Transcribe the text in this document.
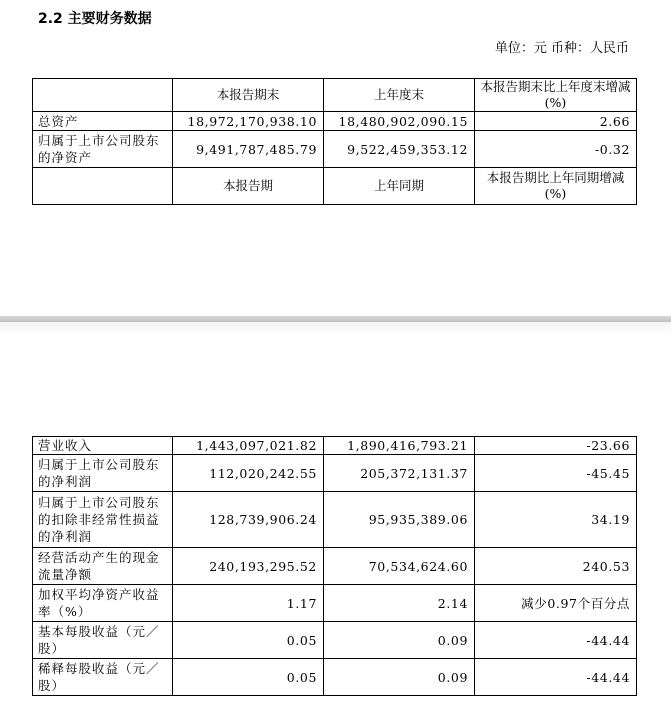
2.2 主要财务数据
单位：元 币种：人民币
	本报告期末	上年度末	本报告期末比上年度末增减(%)
总资产	18,972,170,938.10	18,480,902,090.15	2.66
归属于上市公司股东的净资产	9,491,787,485.79	9,522,459,353.12	-0.32
	本报告期	上年同期	本报告期比上年同期增减(%)
营业收入	1,443,097,021.82	1,890,416,793.21	-23.66
归属于上市公司股东的净利润	112,020,242.55	205,372,131.37	-45.45
归属于上市公司股东的扣除非经常性损益的净利润	128,739,906.24	95,935,389.06	34.19
经营活动产生的现金流量净额	240,193,295.52	70,534,624.60	240.53
加权平均净资产收益率（%）	1.17	2.14	减少0.97个百分点
基本每股收益（元／股）	0.05	0.09	-44.44
稀释每股收益（元／股）	0.05	0.09	-44.44
